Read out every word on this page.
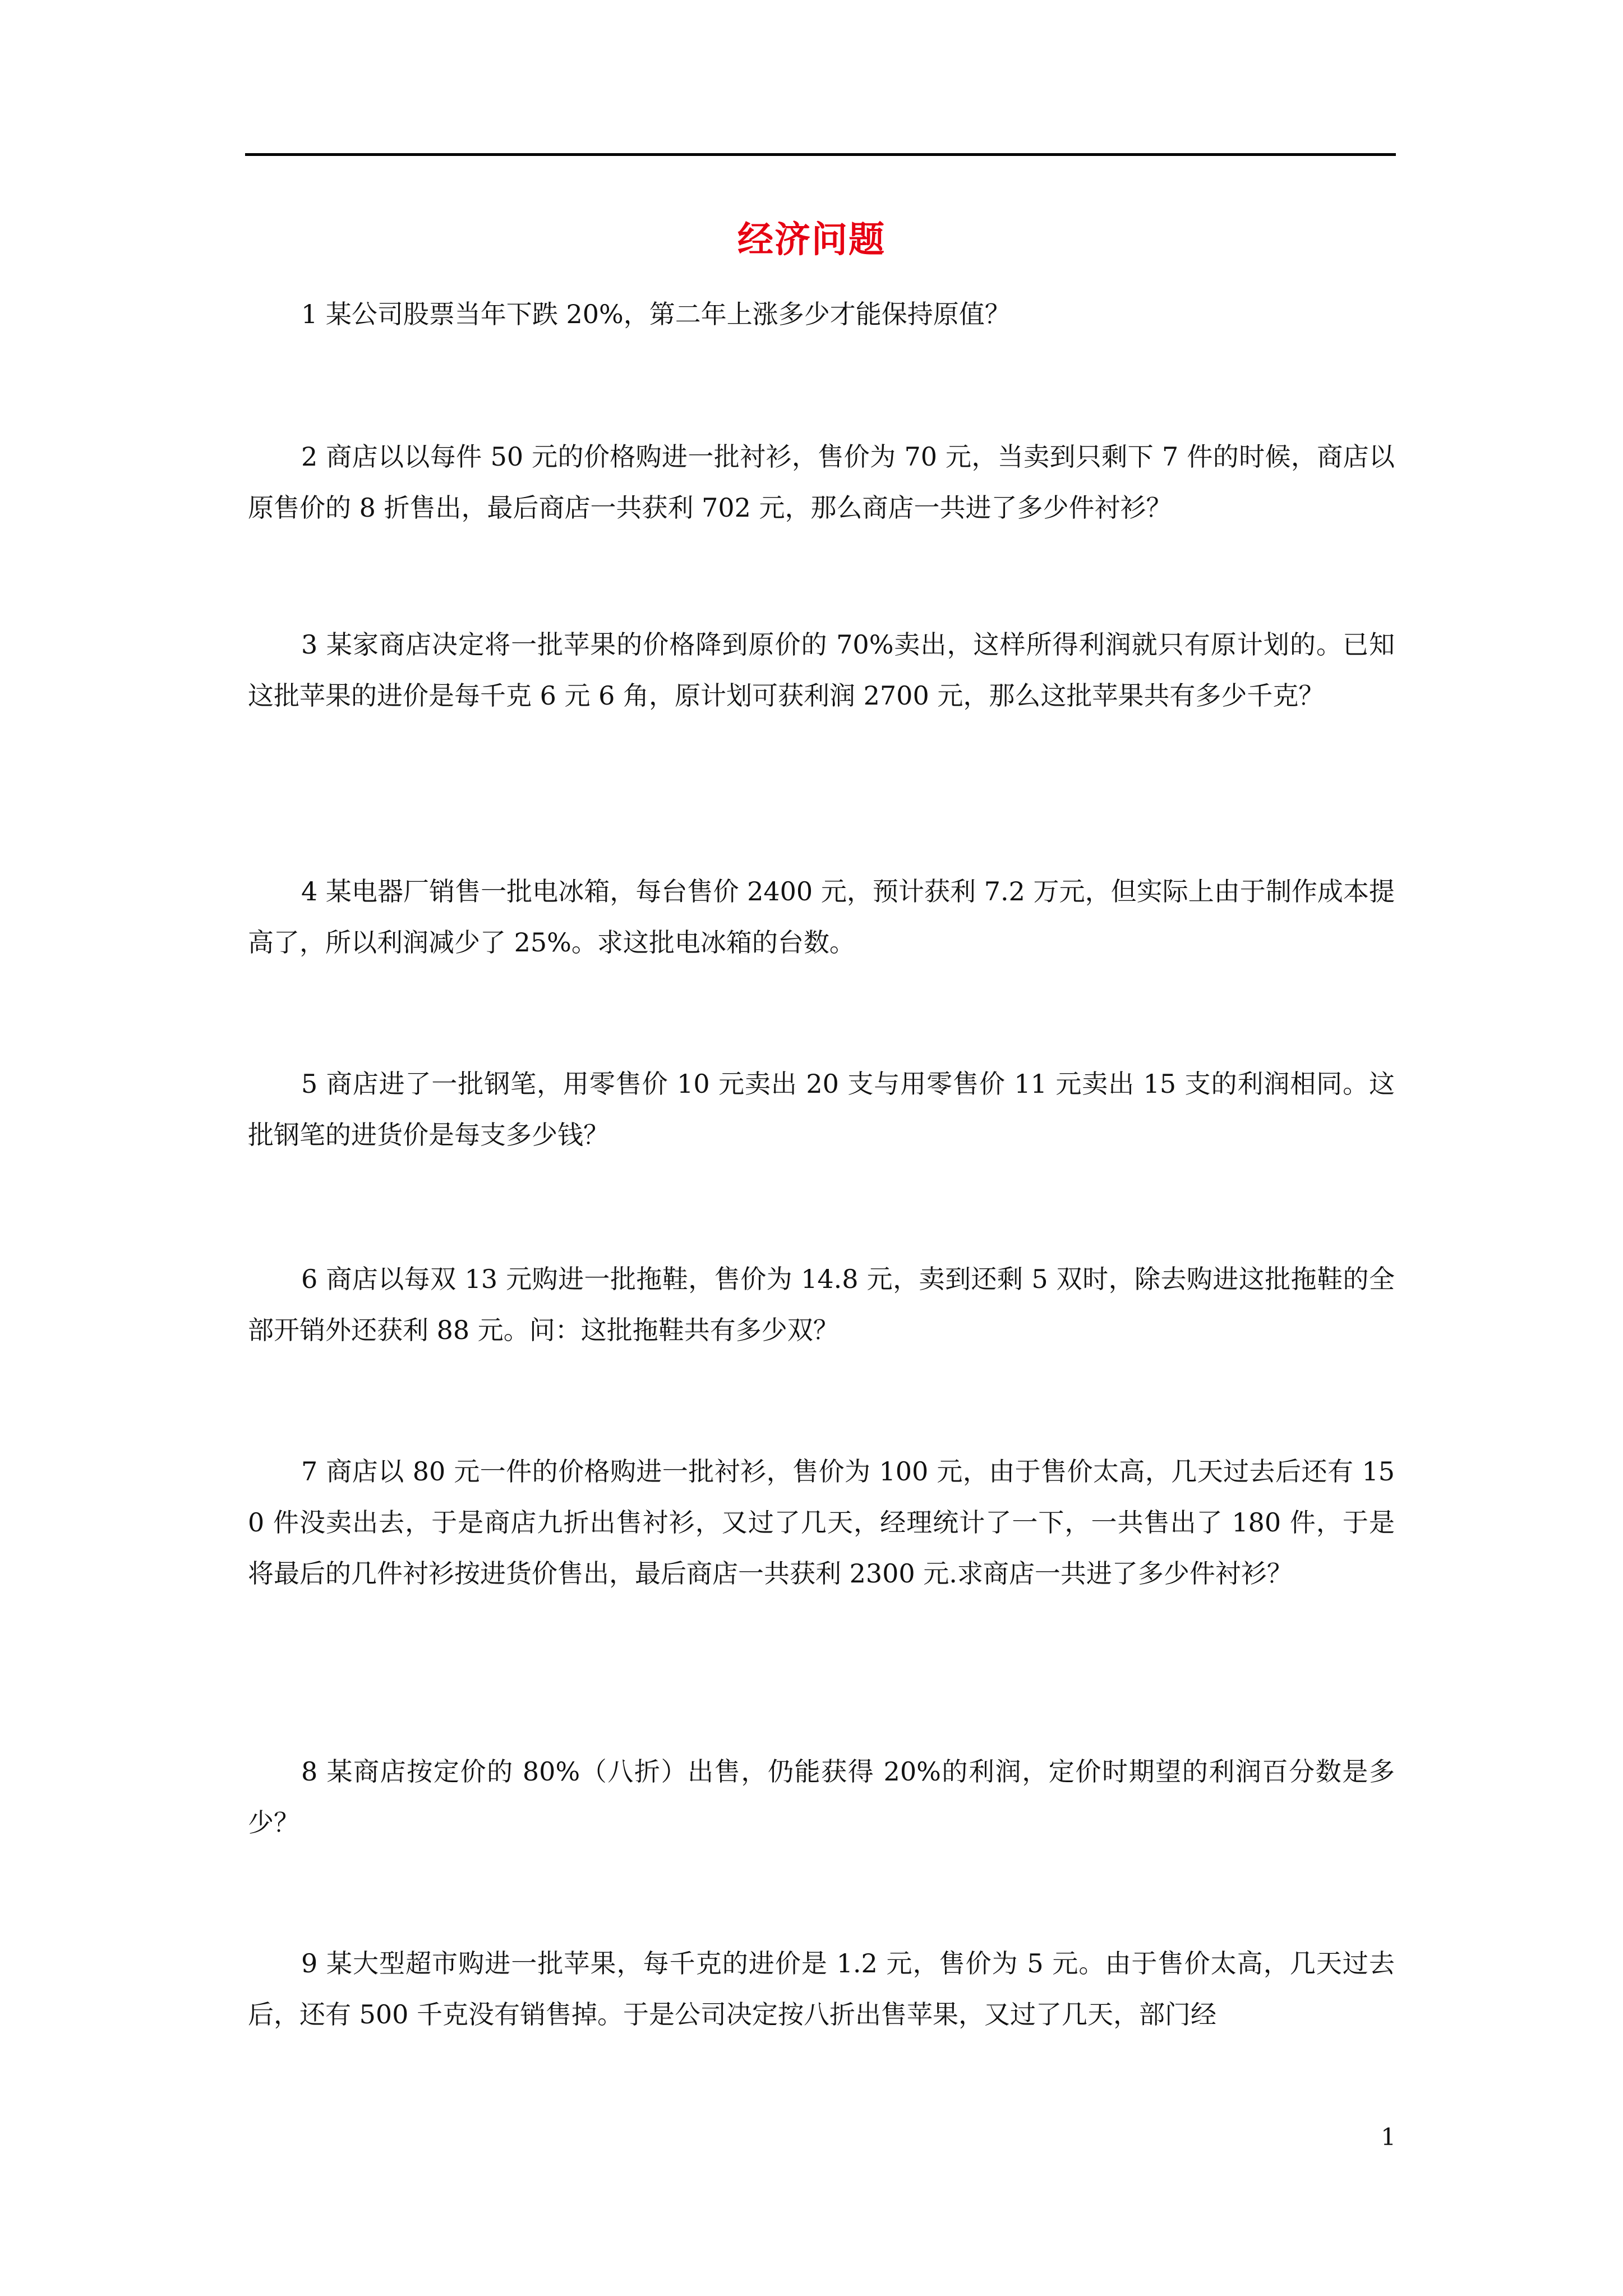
经济问题

1 某公司股票当年下跌 20%，第二年上涨多少才能保持原值？

2 商店以以每件 50 元的价格购进一批衬衫，售价为 70 元，当卖到只剩下 7 件的时候，商店以原售价的 8 折售出，最后商店一共获利 702 元，那么商店一共进了多少件衬衫？

3 某家商店决定将一批苹果的价格降到原价的 70%卖出，这样所得利润就只有原计划的。已知这批苹果的进价是每千克 6 元 6 角，原计划可获利润 2700 元，那么这批苹果共有多少千克？

4 某电器厂销售一批电冰箱，每台售价 2400 元，预计获利 7.2 万元，但实际上由于制作成本提高了，所以利润减少了 25%。求这批电冰箱的台数。

5 商店进了一批钢笔，用零售价 10 元卖出 20 支与用零售价 11 元卖出 15 支的利润相同。这批钢笔的进货价是每支多少钱？

6 商店以每双 13 元购进一批拖鞋，售价为 14.8 元，卖到还剩 5 双时，除去购进这批拖鞋的全部开销外还获利 88 元。问：这批拖鞋共有多少双？

7 商店以 80 元一件的价格购进一批衬衫，售价为 100 元，由于售价太高，几天过去后还有 150 件没卖出去，于是商店九折出售衬衫，又过了几天，经理统计了一下，一共售出了 180 件，于是将最后的几件衬衫按进货价售出，最后商店一共获利 2300 元.求商店一共进了多少件衬衫？

8 某商店按定价的 80%（八折）出售，仍能获得 20%的利润，定价时期望的利润百分数是多少？

9 某大型超市购进一批苹果，每千克的进价是 1.2 元，售价为 5 元。由于售价太高，几天过去后，还有 500 千克没有销售掉。于是公司决定按八折出售苹果，又过了几天，部门经

1
